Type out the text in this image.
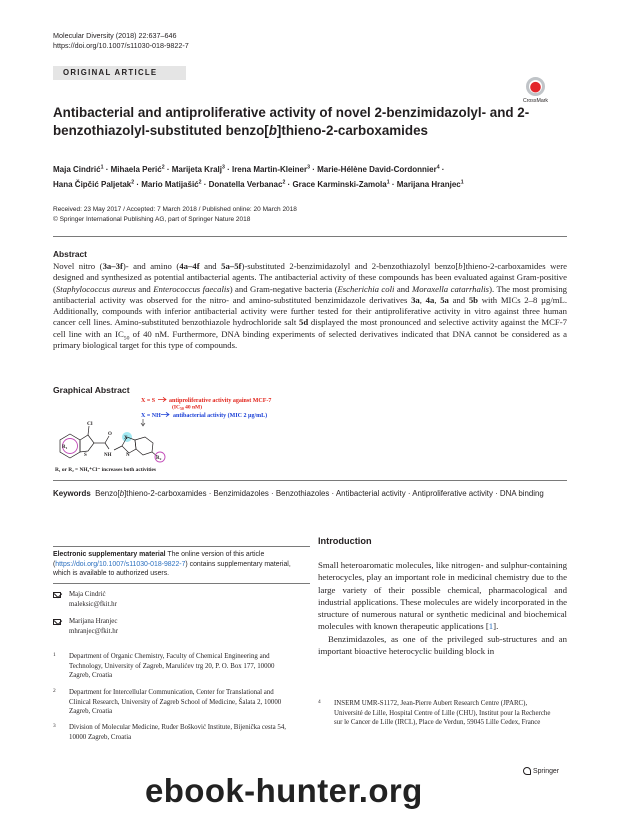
Molecular Diversity (2018) 22:637–646
https://doi.org/10.1007/s11030-018-9822-7
ORIGINAL ARTICLE
CrossMark
Antibacterial and antiproliferative activity of novel 2-benzimidazolyl- and 2-benzothiazolyl-substituted benzo[b]thieno-2-carboxamides
Maja Cindrić$^1$ · Mihaela Perić$^2$ · Marijeta Kralj$^3$ · Irena Martin-Kleiner$^3$ · Marie-Hélène David-Cordonnier$^4$ ·
Hana Čipčić Paljetak$^2$ · Mario Matijašić$^2$ · Donatella Verbanac$^2$ · Grace Karminski-Zamola$^1$ · Marijana Hranjec$^1$
Received: 23 May 2017 / Accepted: 7 March 2018 / Published online: 20 March 2018
© Springer International Publishing AG, part of Springer Nature 2018
Abstract
Novel nitro (3a–3f)- and amino (4a–4f and 5a–5f)-substituted 2-benzimidazolyl and 2-benzothiazolyl benzo[b]thieno-2-carboxamides were designed and synthesized as potential antibacterial agents. The antibacterial activity of these compounds has been evaluated against Gram-positive (Staphylococcus aureus and Enterococcus faecalis) and Gram-negative bacteria (Escherichia coli and Moraxella catarrhalis). The most promising antibacterial activity was observed for the nitro- and amino-substituted benzimidazole derivatives 3a, 4a, 5a and 5b with MICs 2–8 µg/mL. Additionally, compounds with inferior antibacterial activity were further tested for their antiproliferative activity in vitro against three human cancer cell lines. Amino-substituted benzothiazole hydrochloride salt 5d displayed the most pronounced and selective activity against the MCF-7 cell line with an $IC_{50}$ of 40 nM. Furthermore, DNA binding experiments of selected derivatives indicated that DNA cannot be considered as a primary biological target for this type of compounds.
Graphical Abstract
X = S antiproliferative activity against MCF-7
($IC_{50}$ 40 nM)
X = NH antibacterial activity (MIC 2 µg/mL)
S
Cl
O
NH
X
N
$R_2$
$R_1$
R₁ or R₂ = NH₃⁺Cl⁻ increases both activities
Keywords Benzo[b]thieno-2-carboxamides · Benzimidazoles · Benzothiazoles · Antibacterial activity · Antiproliferative activity · DNA binding
Electronic supplementary material The online version of this article (https://doi.org/10.1007/s11030-018-9822-7) contains supplementary material, which is available to authorized users.
Maja Cindrić
maleksic@fkit.hr
Marijana Hranjec
mhranjec@fkit.hr
1	Department of Organic Chemistry, Faculty of Chemical Engineering and Technology, University of Zagreb, Marulićev trg 20, P. O. Box 177, 10000 Zagreb, Croatia
2	Department for Intercellular Communication, Center for Translational and Clinical Research, University of Zagreb School of Medicine, Šalata 2, 10000 Zagreb, Croatia
3	Division of Molecular Medicine, Ruđer Bošković Institute, Bijenička cesta 54, 10000 Zagreb, Croatia
Introduction

Small heteroaromatic molecules, like nitrogen- and sulphur-containing heterocycles, play an important role in medicinal chemistry due to the large variety of their possible chemical, pharmacological and industrial applications. These molecules are widely incorporated in the structure of numerous natural or synthetic medicinal and biochemical molecules with known therapeutic applications [1].

Benzimidazoles, as one of the privileged sub-structures and an important bioactive heterocyclic building block in

4	INSERM UMR-S1172, Jean-Pierre Aubert Research Centre (JPARC), Université de Lille, Hospital Centre of Lille (CHU), Institut pour la Recherche sur le Cancer de Lille (IRCL), Place de Verdun, 59045 Lille Cedex, France
Springer
ebook-hunter.org
